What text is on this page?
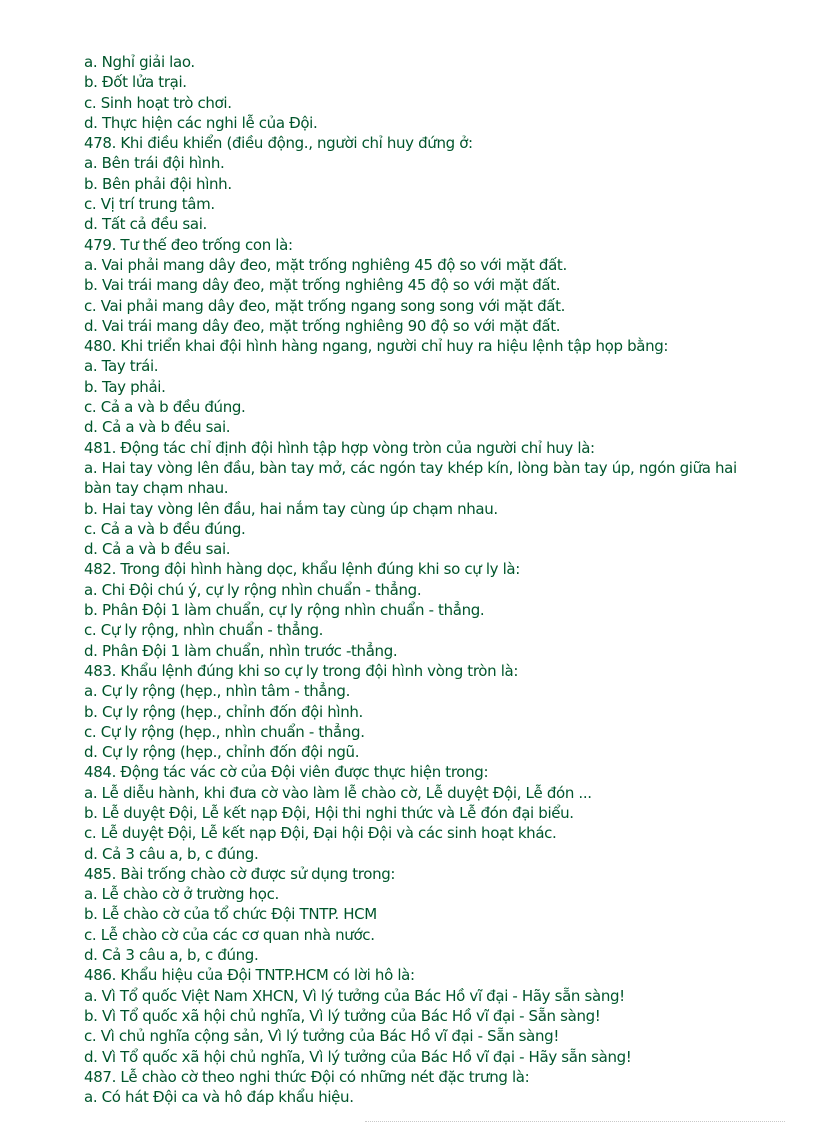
a. Nghỉ giải lao.
b. Đốt lửa trại.
c. Sinh hoạt trò chơi.
d. Thực hiện các nghi lễ của Đội.
478. Khi điều khiển (điều động., người chỉ huy đứng ở:
a. Bên trái đội hình.
b. Bên phải đội hình.
c. Vị trí trung tâm.
d. Tất cả đều sai.
479. Tư thế đeo trống con là:
a. Vai phải mang dây đeo, mặt trống nghiêng 45 độ so với mặt đất.
b. Vai trái mang dây đeo, mặt trống nghiêng 45 độ so với mặt đất.
c. Vai phải mang dây đeo, mặt trống ngang song song với mặt đất.
d. Vai trái mang dây đeo, mặt trống nghiêng 90 độ so với mặt đất.
480. Khi triển khai đội hình hàng ngang, người chỉ huy ra hiệu lệnh tập họp bằng:
a. Tay trái.
b. Tay phải.
c. Cả a và b đều đúng.
d. Cả a và b đều sai.
481. Động tác chỉ định đội hình tập hợp vòng tròn của người chỉ huy là:
a. Hai tay vòng lên đầu, bàn tay mở, các ngón tay khép kín, lòng bàn tay úp, ngón giữa hai
bàn tay chạm nhau.
b. Hai tay vòng lên đầu, hai nắm tay cùng úp chạm nhau.
c. Cả a và b đều đúng.
d. Cả a và b đều sai.
482. Trong đội hình hàng dọc, khẩu lệnh đúng khi so cự ly là:
a. Chi Đội chú ý, cự ly rộng nhìn chuẩn - thẳng.
b. Phân Đội 1 làm chuẩn, cự ly rộng nhìn chuẩn - thẳng.
c. Cự ly rộng, nhìn chuẩn - thẳng.
d. Phân Đội 1 làm chuẩn, nhìn trước -thẳng.
483. Khẩu lệnh đúng khi so cự ly trong đội hình vòng tròn là:
a. Cự ly rộng (hẹp., nhìn tâm - thẳng.
b. Cự ly rộng (hẹp., chỉnh đốn đội hình.
c. Cự ly rộng (hẹp., nhìn chuẩn - thẳng.
d. Cự ly rộng (hẹp., chỉnh đốn đội ngũ.
484. Động tác vác cờ của Đội viên được thực hiện trong:
a. Lễ diễu hành, khi đưa cờ vào làm lễ chào cờ, Lễ duyệt Đội, Lễ đón ...
b. Lễ duyệt Đội, Lễ kết nạp Đội, Hội thi nghi thức và Lễ đón đại biểu.
c. Lễ duyệt Đội, Lễ kết nạp Đội, Đại hội Đội và các sinh hoạt khác.
d. Cả 3 câu a, b, c đúng.
485. Bài trống chào cờ được sử dụng trong:
a. Lễ chào cờ ở trường học.
b. Lễ chào cờ của tổ chức Đội TNTP. HCM
c. Lễ chào cờ của các cơ quan nhà nước.
d. Cả 3 câu a, b, c đúng.
486. Khẩu hiệu của Đội TNTP.HCM có lời hô là:
a. Vì Tổ quốc Việt Nam XHCN, Vì lý tưởng của Bác Hồ vĩ đại - Hãy sẵn sàng!
b. Vì Tổ quốc xã hội chủ nghĩa, Vì lý tưởng của Bác Hồ vĩ đại - Sẵn sàng!
c. Vì chủ nghĩa cộng sản, Vì lý tưởng của Bác Hồ vĩ đại - Sẵn sàng!
d. Vì Tổ quốc xã hội chủ nghĩa, Vì lý tưởng của Bác Hồ vĩ đại - Hãy sẵn sàng!
487. Lễ chào cờ theo nghi thức Đội có những nét đặc trưng là:
a. Có hát Đội ca và hô đáp khẩu hiệu.
